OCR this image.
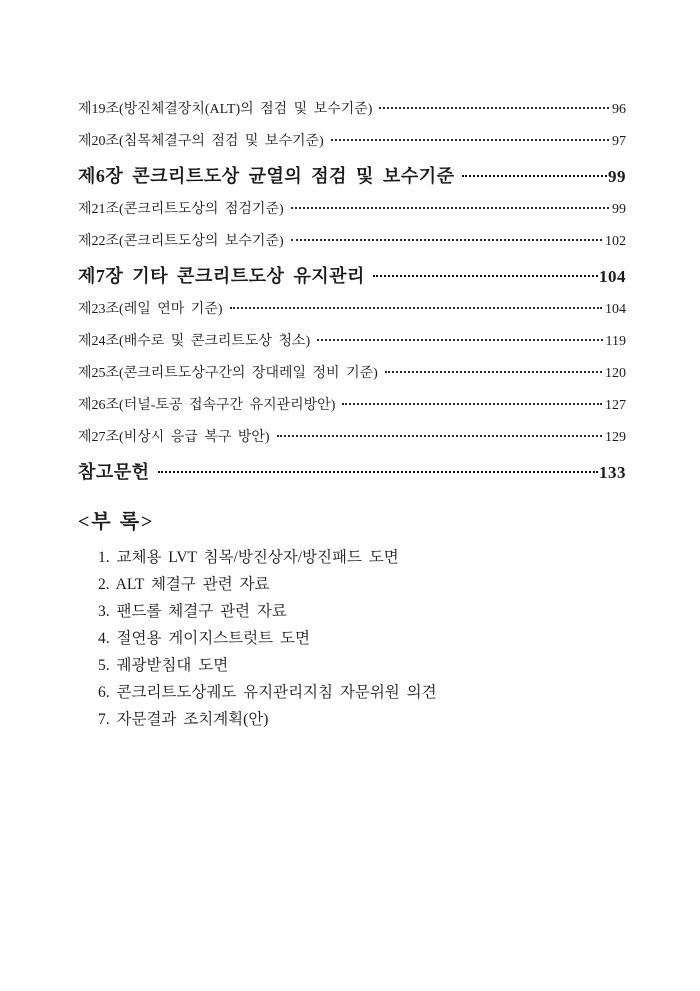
제19조(방진체결장치(ALT)의 점검 및 보수기준)	96
제20조(침목체결구의 점검 및 보수기준)	97
제6장 콘크리트도상 균열의 점검 및 보수기준	99
제21조(콘크리트도상의 점검기준)	99
제22조(콘크리트도상의 보수기준)	102
제7장 기타 콘크리트도상 유지관리	104
제23조(레일 연마 기준)	104
제24조(배수로 및 콘크리트도상 청소)	119
제25조(콘크리트도상구간의 장대레일 정비 기준)	120
제26조(터널-토공 접속구간 유지관리방안)	127
제27조(비상시 응급 복구 방안)	129
참고문헌	133
<부 록>
1. 교체용 LVT 침목/방진상자/방진패드 도면
2. ALT 체결구 관련 자료
3. 팬드롤 체결구 관련 자료
4. 절연용 게이지스트럿트 도면
5. 궤광받침대 도면
6. 콘크리트도상궤도 유지관리지침 자문위원 의견
7. 자문결과 조치계획(안)
